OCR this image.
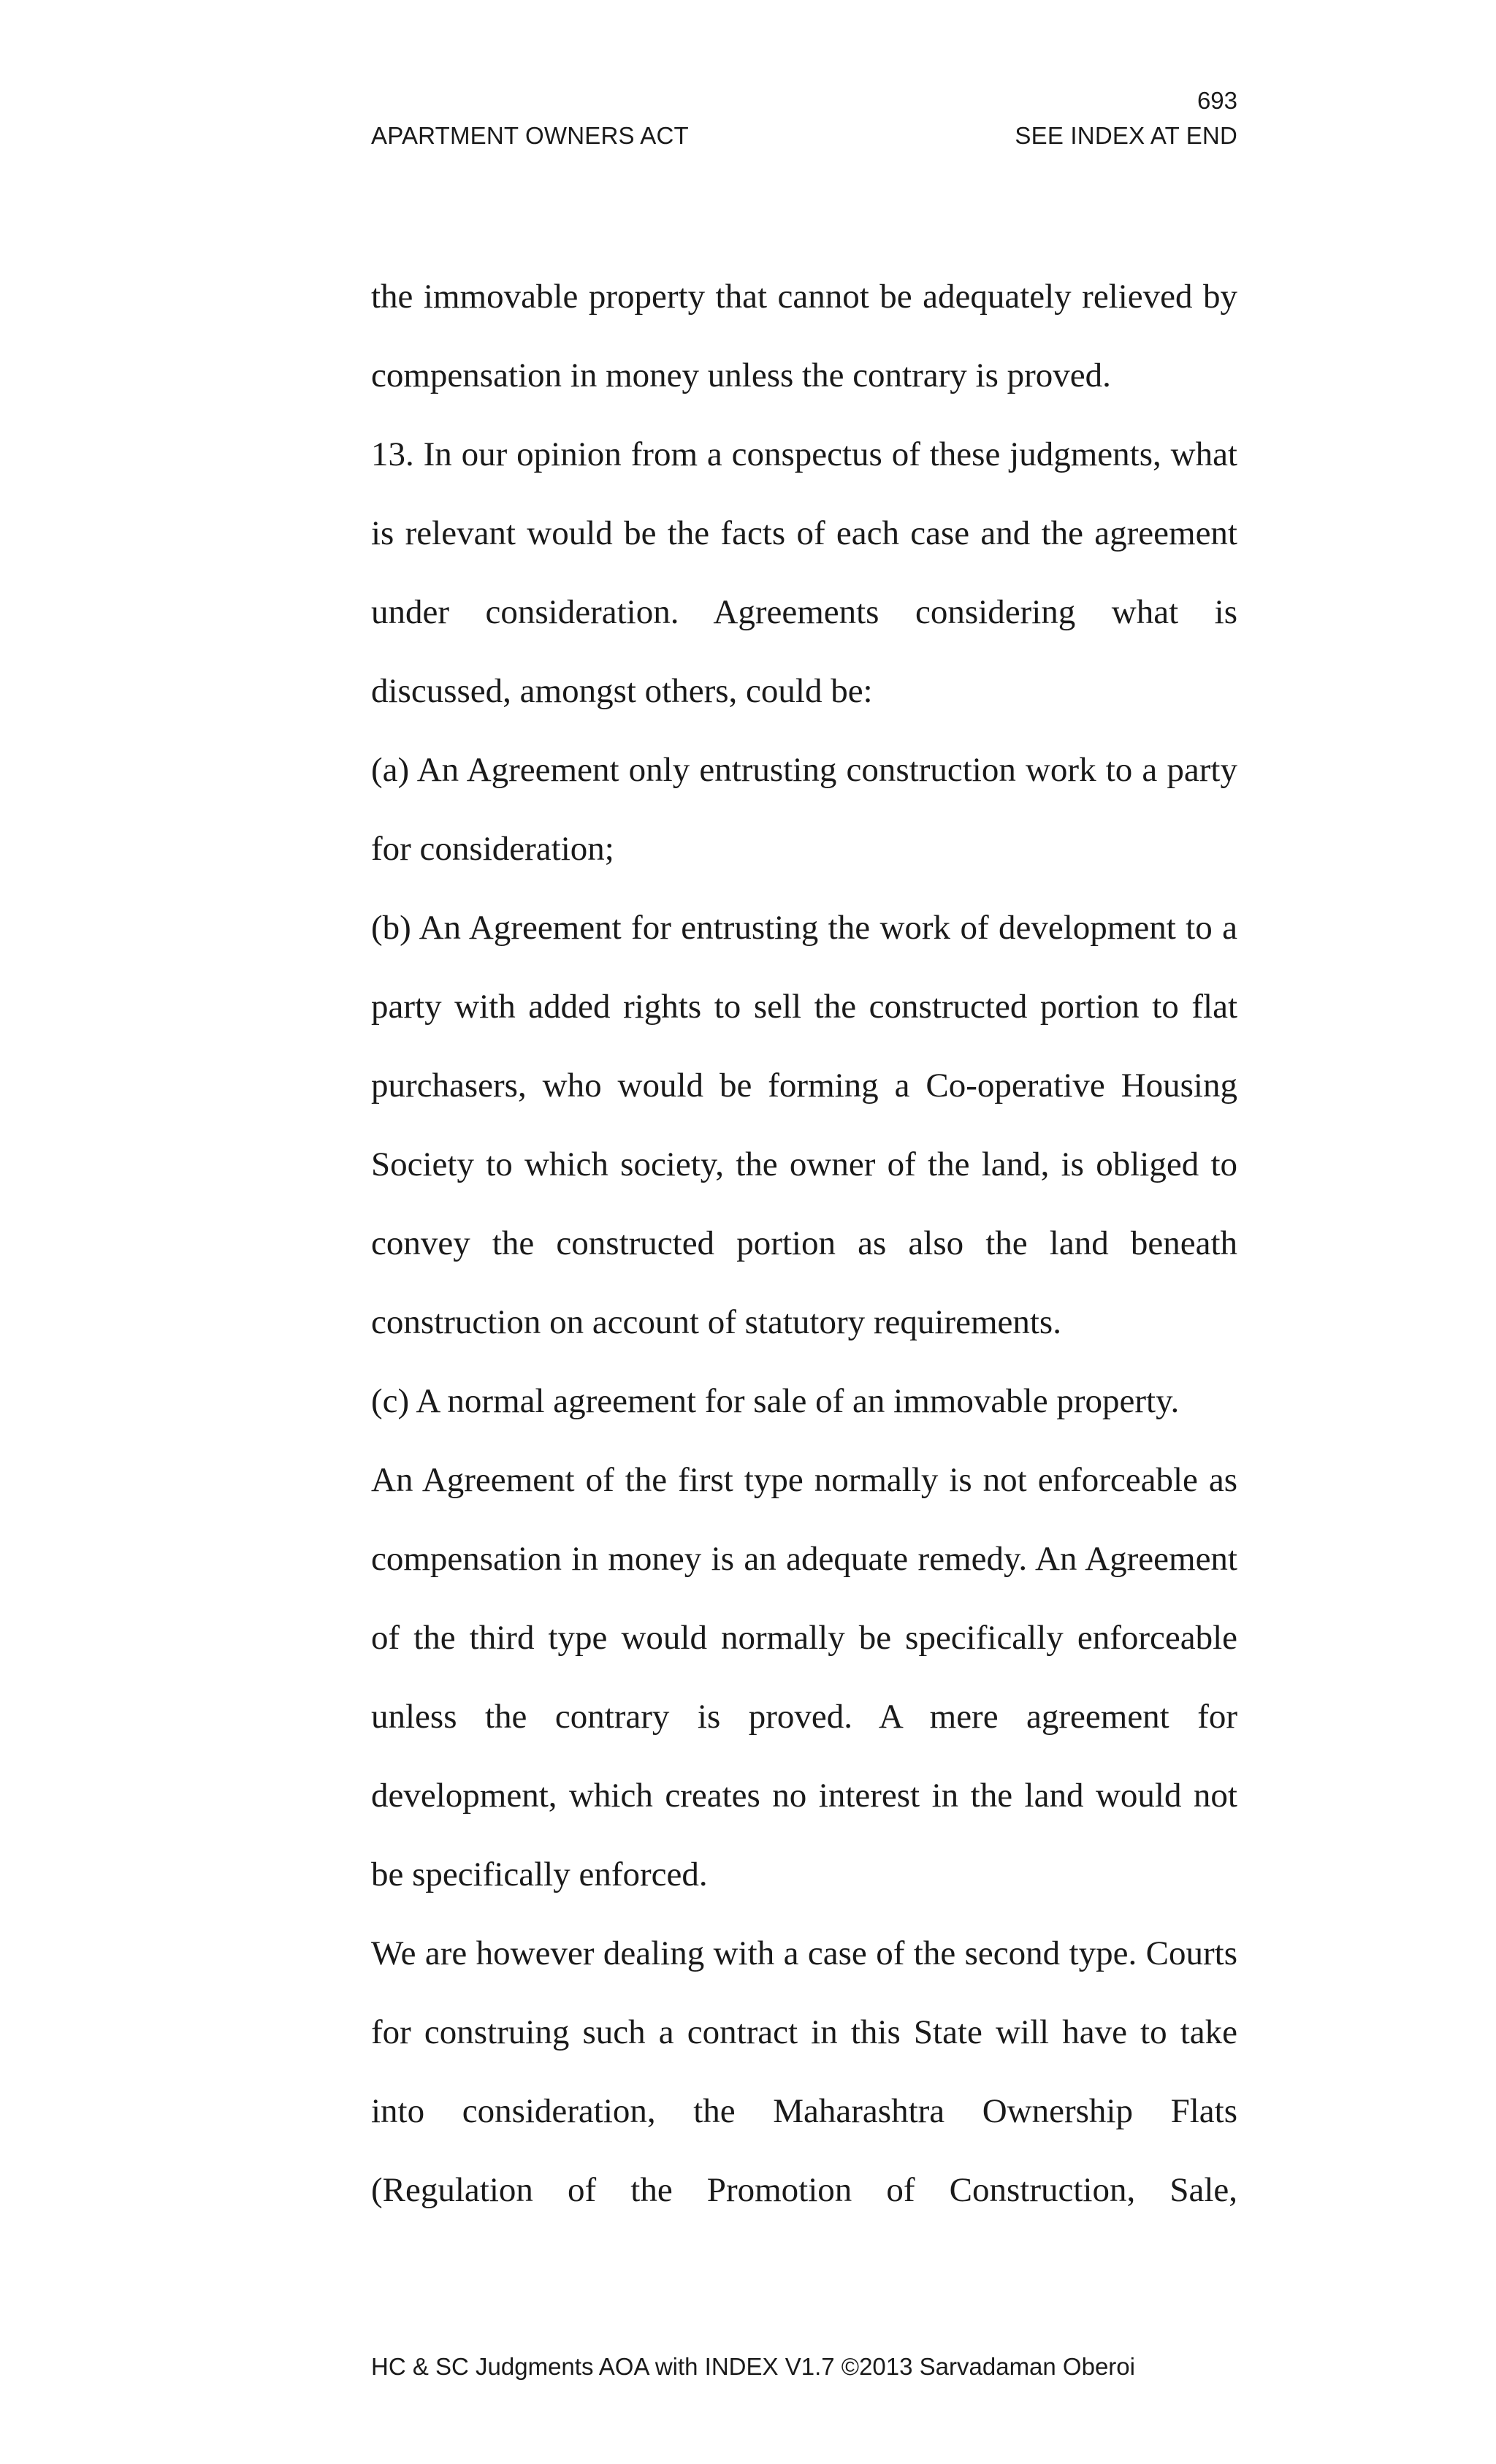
693
APARTMENT OWNERS ACT	SEE INDEX AT END

the immovable property that cannot be adequately relieved by compensation in money unless the contrary is proved.

13. In our opinion from a conspectus of these judgments, what is relevant would be the facts of each case and the agreement under consideration. Agreements considering what is discussed, amongst others, could be:

(a) An Agreement only entrusting construction work to a party for consideration;

(b) An Agreement for entrusting the work of development to a party with added rights to sell the constructed portion to flat purchasers, who would be forming a Co-operative Housing Society to which society, the owner of the land, is obliged to convey the constructed portion as also the land beneath construction on account of statutory requirements.

(c) A normal agreement for sale of an immovable property.

An Agreement of the first type normally is not enforceable as compensation in money is an adequate remedy. An Agreement of the third type would normally be specifically enforceable unless the contrary is proved. A mere agreement for development, which creates no interest in the land would not be specifically enforced.

We are however dealing with a case of the second type. Courts for construing such a contract in this State will have to take into consideration, the Maharashtra Ownership Flats (Regulation of the Promotion of Construction, Sale,

HC & SC Judgments AOA with INDEX V1.7 ©2013 Sarvadaman Oberoi
